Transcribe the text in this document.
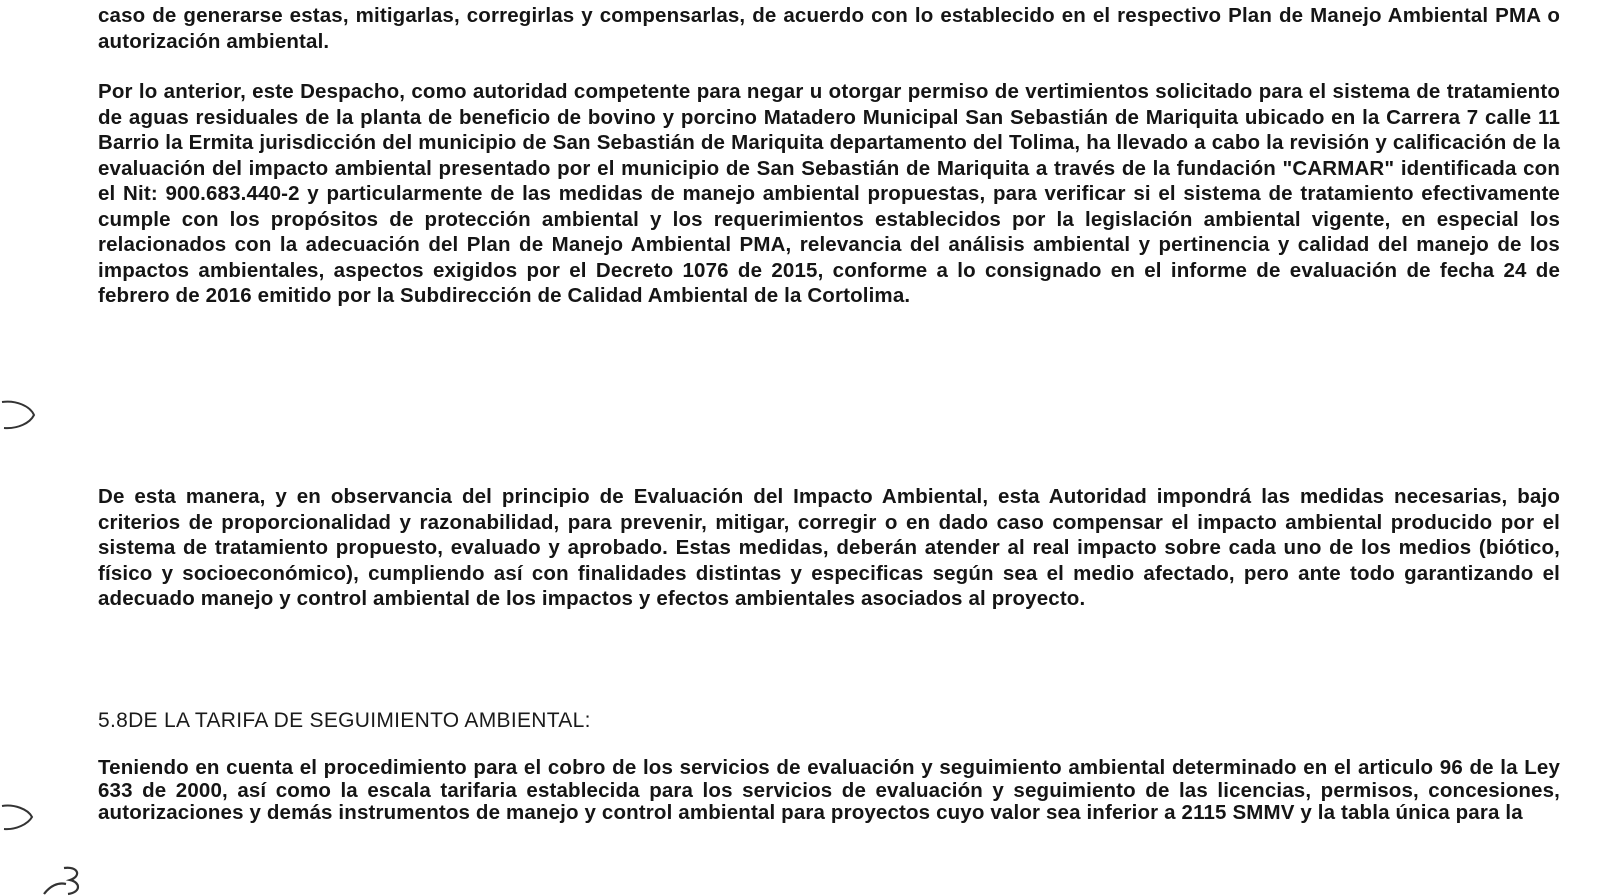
caso de generarse estas, mitigarlas, corregirlas y compensarlas, de acuerdo con lo establecido en el respectivo Plan de Manejo Ambiental PMA o autorización ambiental.

Por lo anterior, este Despacho, como autoridad competente para negar u otorgar permiso de vertimientos solicitado para el sistema de tratamiento de aguas residuales de la planta de beneficio de bovino y porcino Matadero Municipal San Sebastián de Mariquita ubicado en la Carrera 7 calle 11 Barrio la Ermita jurisdicción del municipio de San Sebastián de Mariquita departamento del Tolima, ha llevado a cabo la revisión y calificación de la evaluación del impacto ambiental presentado por el municipio de San Sebastián de Mariquita a través de la fundación "CARMAR" identificada con el Nit: 900.683.440-2 y particularmente de las medidas de manejo ambiental propuestas, para verificar si el sistema de tratamiento efectivamente cumple con los propósitos de protección ambiental y los requerimientos establecidos por la legislación ambiental vigente, en especial los relacionados con la adecuación del Plan de Manejo Ambiental PMA, relevancia del análisis ambiental y pertinencia y calidad del manejo de los impactos ambientales, aspectos exigidos por el Decreto 1076 de 2015, conforme a lo consignado en el informe de evaluación de fecha 24 de febrero de 2016 emitido por la Subdirección de Calidad Ambiental de la Cortolima.

De esta manera, y en observancia del principio de Evaluación del Impacto Ambiental, esta Autoridad impondrá las medidas necesarias, bajo criterios de proporcionalidad y razonabilidad, para prevenir, mitigar, corregir o en dado caso compensar el impacto ambiental producido por el sistema de tratamiento propuesto, evaluado y aprobado. Estas medidas, deberán atender al real impacto sobre cada uno de los medios (biótico, físico y socioeconómico), cumpliendo así con finalidades distintas y especificas según sea el medio afectado, pero ante todo garantizando el adecuado manejo y control ambiental de los impactos y efectos ambientales asociados al proyecto.

5.8DE LA TARIFA DE SEGUIMIENTO AMBIENTAL:

Teniendo en cuenta el procedimiento para el cobro de los servicios de evaluación y seguimiento ambiental determinado en el articulo 96 de la Ley 633 de 2000, así como la escala tarifaria establecida para los servicios de evaluación y seguimiento de las licencias, permisos, concesiones, autorizaciones y demás instrumentos de manejo y control ambiental para proyectos cuyo valor sea inferior a 2115 SMMV y la tabla única para la
